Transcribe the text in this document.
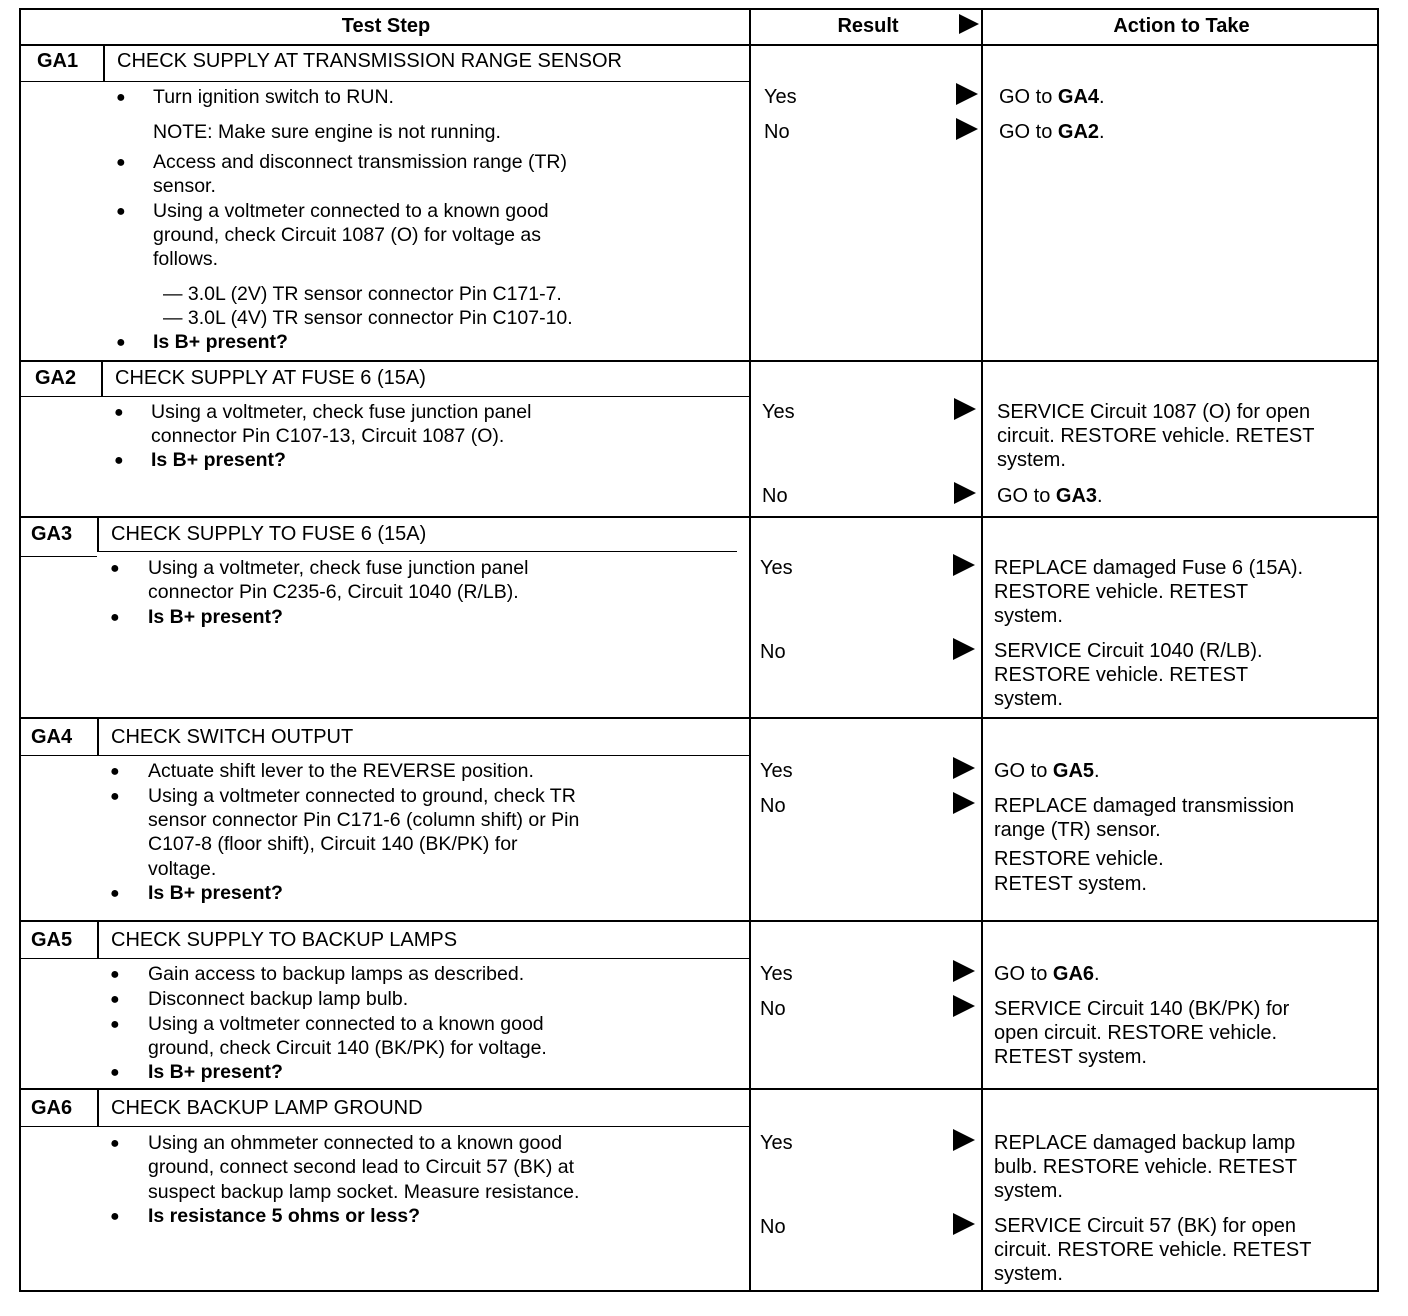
Test Step	Result	Action to Take
GA1 CHECK SUPPLY AT TRANSMISSION RANGE SENSOR
● Turn ignition switch to RUN.
NOTE: Make sure engine is not running.
● Access and disconnect transmission range (TR)
sensor.
● Using a voltmeter connected to a known good
ground, check Circuit 1087 (O) for voltage as
follows.
— 3.0L (2V) TR sensor connector Pin C171-7.
— 3.0L (4V) TR sensor connector Pin C107-10.
● Is B+ present?
Yes	GO to GA4.
No	GO to GA2.
GA2 CHECK SUPPLY AT FUSE 6 (15A)
● Using a voltmeter, check fuse junction panel
connector Pin C107-13, Circuit 1087 (O).
● Is B+ present?
Yes	SERVICE Circuit 1087 (O) for open
circuit. RESTORE vehicle. RETEST
system.
No	GO to GA3.
GA3 CHECK SUPPLY TO FUSE 6 (15A)
● Using a voltmeter, check fuse junction panel
connector Pin C235-6, Circuit 1040 (R/LB).
● Is B+ present?
Yes	REPLACE damaged Fuse 6 (15A).
RESTORE vehicle. RETEST
system.
No	SERVICE Circuit 1040 (R/LB).
RESTORE vehicle. RETEST
system.
GA4 CHECK SWITCH OUTPUT
● Actuate shift lever to the REVERSE position.
● Using a voltmeter connected to ground, check TR
sensor connector Pin C171-6 (column shift) or Pin
C107-8 (floor shift), Circuit 140 (BK/PK) for
voltage.
● Is B+ present?
Yes	GO to GA5.
No	REPLACE damaged transmission
range (TR) sensor.
RESTORE vehicle.
RETEST system.
GA5 CHECK SUPPLY TO BACKUP LAMPS
● Gain access to backup lamps as described.
● Disconnect backup lamp bulb.
● Using a voltmeter connected to a known good
ground, check Circuit 140 (BK/PK) for voltage.
● Is B+ present?
Yes	GO to GA6.
No	SERVICE Circuit 140 (BK/PK) for
open circuit. RESTORE vehicle.
RETEST system.
GA6 CHECK BACKUP LAMP GROUND
● Using an ohmmeter connected to a known good
ground, connect second lead to Circuit 57 (BK) at
suspect backup lamp socket. Measure resistance.
● Is resistance 5 ohms or less?
Yes	REPLACE damaged backup lamp
bulb. RESTORE vehicle. RETEST
system.
No	SERVICE Circuit 57 (BK) for open
circuit. RESTORE vehicle. RETEST
system.
